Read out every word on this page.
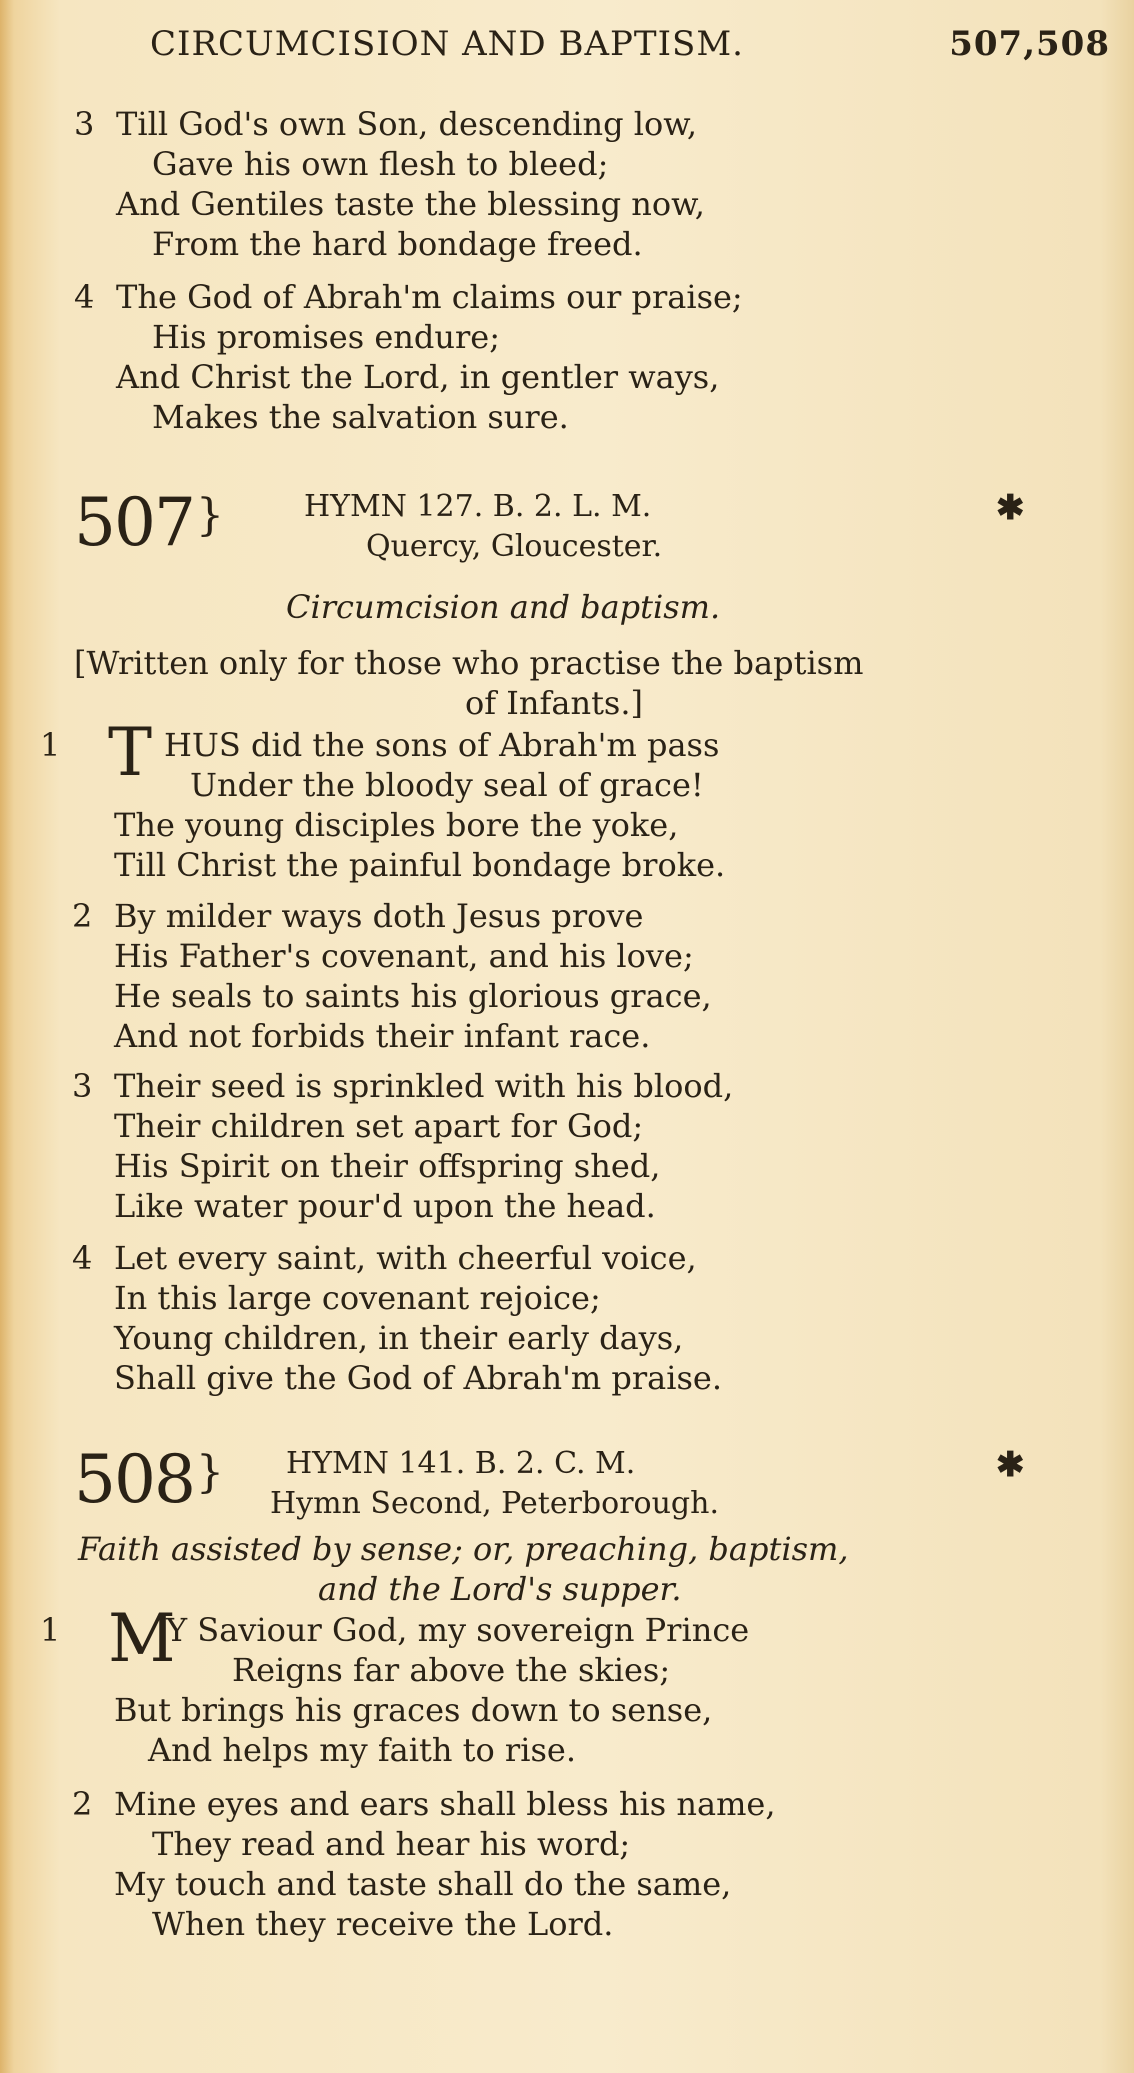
CIRCUMCISION AND BAPTISM.	507,508
3 Till God's own Son, descending low,
Gave his own flesh to bleed;
And Gentiles taste the blessing now,
From the hard bondage freed.
4 The God of Abrah'm claims our praise;
His promises endure;
And Christ the Lord, in gentler ways,
Makes the salvation sure.
507 }	HYMN 127. B. 2. L. M.	✱
Quercy, Gloucester.
Circumcision and baptism.
[Written only for those who practise the baptism
of Infants.]
1 T HUS did the sons of Abrah'm pass
Under the bloody seal of grace!
The young disciples bore the yoke,
Till Christ the painful bondage broke.
2 By milder ways doth Jesus prove
His Father's covenant, and his love;
He seals to saints his glorious grace,
And not forbids their infant race.
3 Their seed is sprinkled with his blood,
Their children set apart for God;
His Spirit on their offspring shed,
Like water pour'd upon the head.
4 Let every saint, with cheerful voice,
In this large covenant rejoice;
Young children, in their early days,
Shall give the God of Abrah'm praise.
508 } HYMN 141. B. 2. C. M.	✱
Hymn Second, Peterborough.
Faith assisted by sense; or, preaching, baptism,
and the Lord's supper.
1 M
Y Saviour God, my sovereign Prince
Reigns far above the skies;
But brings his graces down to sense,
And helps my faith to rise.
2 Mine eyes and ears shall bless his name,
They read and hear his word;
My touch and taste shall do the same,
When they receive the Lord.
